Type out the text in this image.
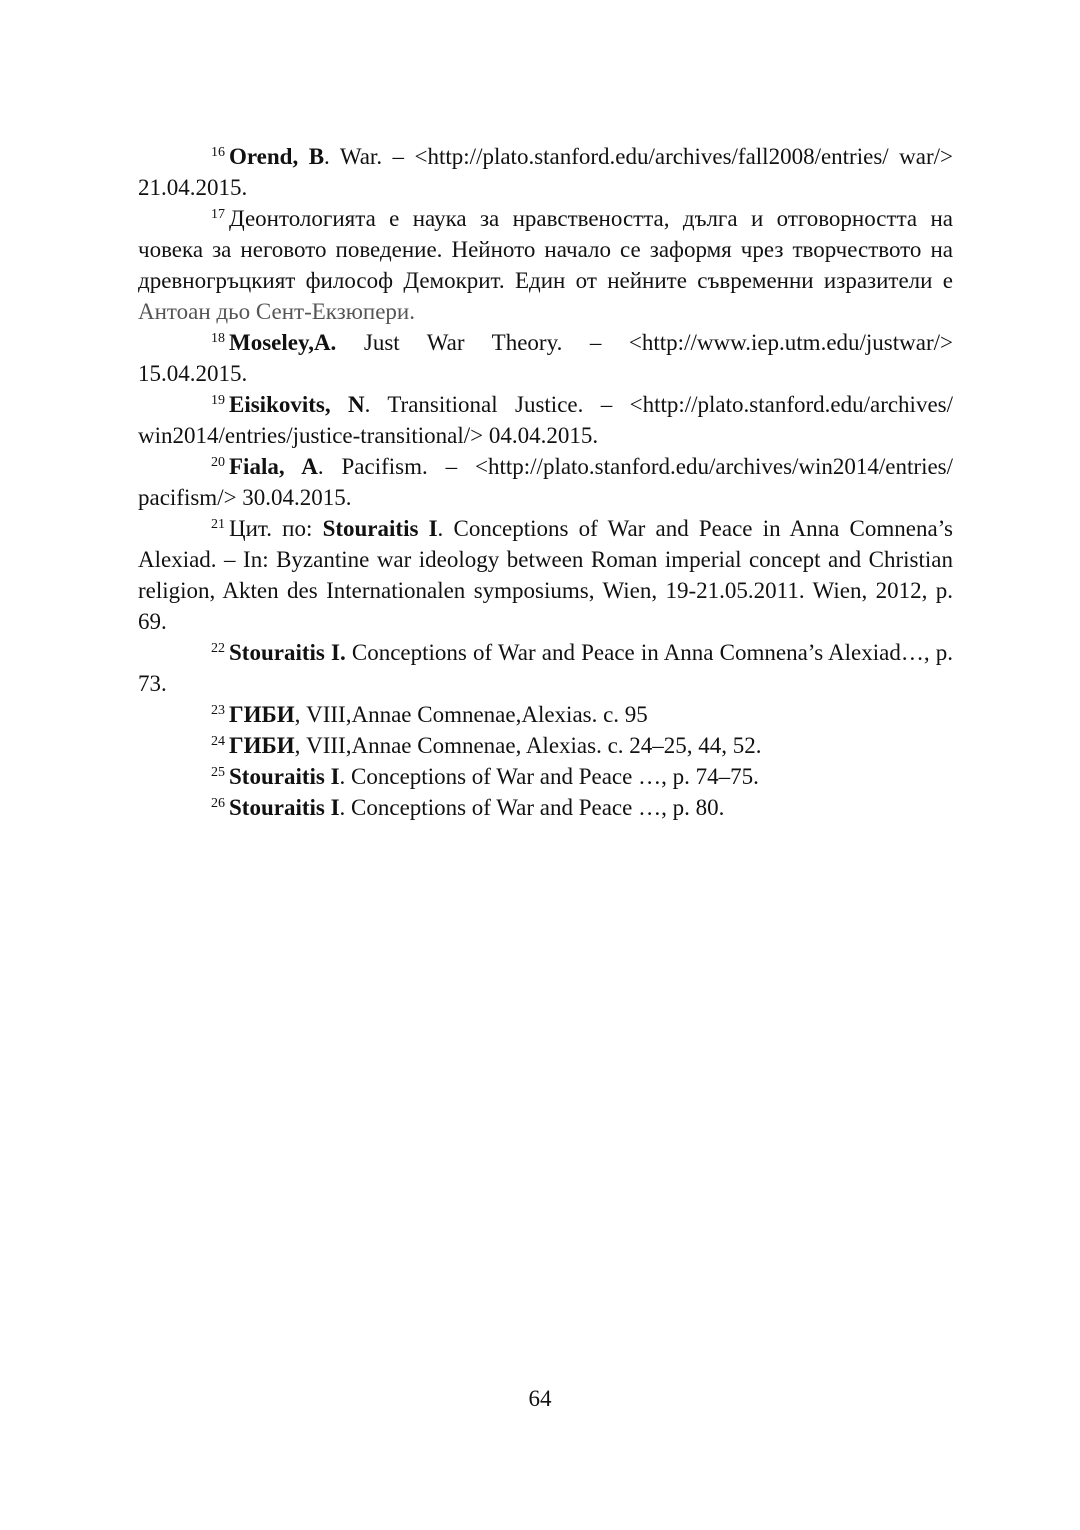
$^{16}$ Orend, B. War. – <http://plato.stanford.edu/archives/fall2008/entries/ war/> 21.04.2015.

$^{17}$ Деонтологията е наука за нравствеността, дълга и отговорността на човека за неговото поведение. Нейното начало се заформя чрез творчеството на древногръцкият философ Демокрит. Един от нейните съвременни изразители е Антоан дьо Сент-Екзюпери.

$^{18}$ Moseley,A. Just War Theory. – <http://www.iep.utm.edu/justwar/> 15.04.2015.

$^{19}$ Eisikovits, N. Transitional Justice. – <http://plato.stanford.edu/archives/ win2014/entries/justice-transitional/> 04.04.2015.

$^{20}$ Fiala, A. Pacifism. – <http://plato.stanford.edu/archives/win2014/entries/ pacifism/> 30.04.2015.

$^{21}$ Цит. по: Stouraitis I. Conceptions of War and Peace in Anna Comnena’s Alexiad. – In: Byzantine war ideology between Roman imperial concept and Christian religion, Akten des Internationalen symposiums, Wien, 19-21.05.2011. Wien, 2012, p. 69.

$^{22}$ Stouraitis I. Conceptions of War and Peace in Anna Comnena’s Alexiad…, p. 73.

$^{23}$ ГИБИ, VIII,Annae Comnenae,Alexias. с. 95

$^{24}$ ГИБИ, VIII,Annae Comnenae, Alexias. с. 24–25, 44, 52.

$^{25}$ Stouraitis I. Conceptions of War and Peace …, p. 74–75.

$^{26}$ Stouraitis I. Conceptions of War and Peace …, p. 80.

64
